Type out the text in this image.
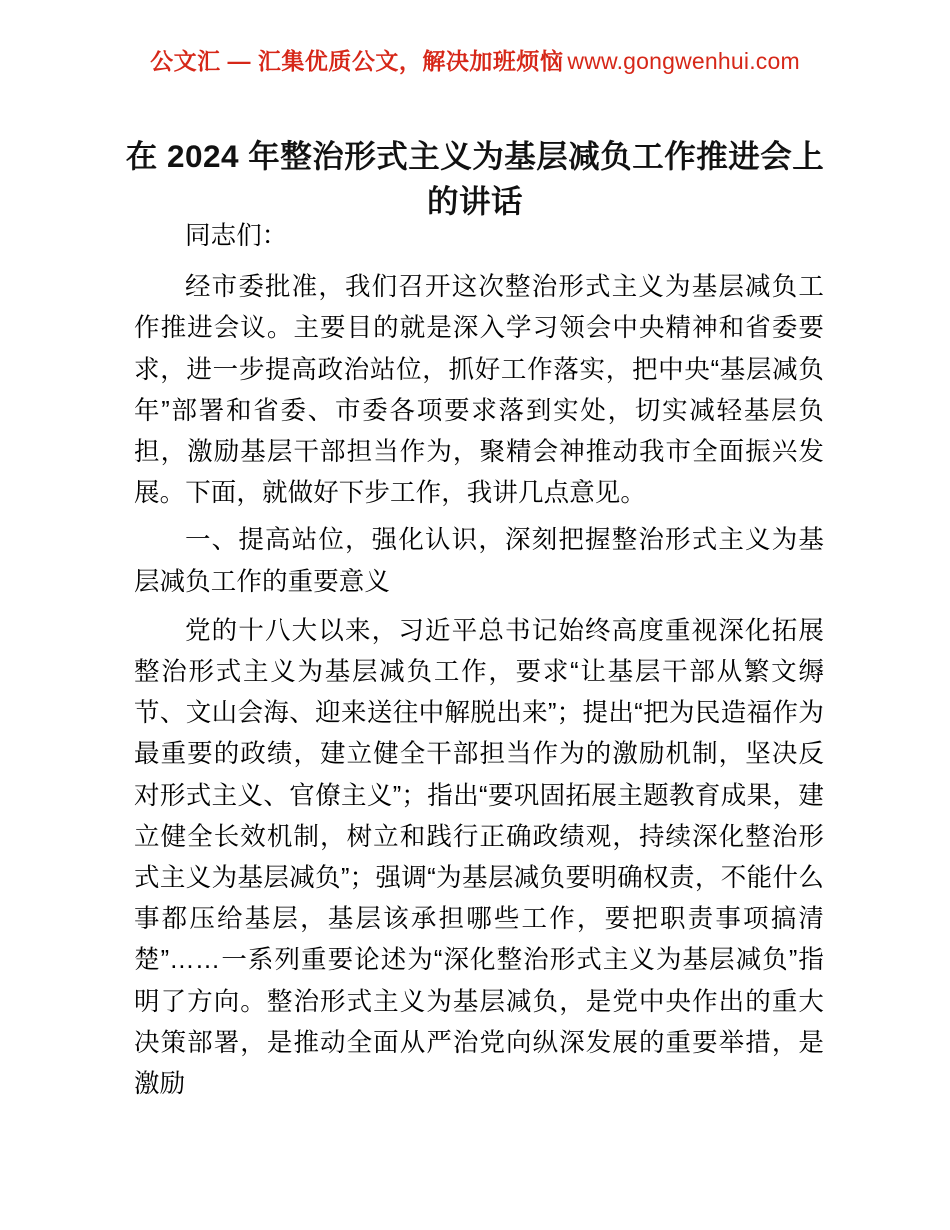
公文汇 — 汇集优质公文，解决加班烦恼 www.gongwenhui.com
在 2024 年整治形式主义为基层减负工作推进会上的讲话

同志们：

经市委批准，我们召开这次整治形式主义为基层减负工作推进会议。主要目的就是深入学习领会中央精神和省委要求，进一步提高政治站位，抓好工作落实，把中央“基层减负年”部署和省委、市委各项要求落到实处，切实减轻基层负担，激励基层干部担当作为，聚精会神推动我市全面振兴发展。下面，就做好下步工作，我讲几点意见。

一、提高站位，强化认识，深刻把握整治形式主义为基层减负工作的重要意义

党的十八大以来，习近平总书记始终高度重视深化拓展整治形式主义为基层减负工作，要求“让基层干部从繁文缛节、文山会海、迎来送往中解脱出来”；提出“把为民造福作为最重要的政绩，建立健全干部担当作为的激励机制，坚决反对形式主义、官僚主义”；指出“要巩固拓展主题教育成果，建立健全长效机制，树立和践行正确政绩观，持续深化整治形式主义为基层减负”；强调“为基层减负要明确权责，不能什么事都压给基层，基层该承担哪些工作，要把职责事项搞清楚”……一系列重要论述为“深化整治形式主义为基层减负”指明了方向。整治形式主义为基层减负，是党中央作出的重大决策部署，是推动全面从严治党向纵深发展的重要举措，是激励
